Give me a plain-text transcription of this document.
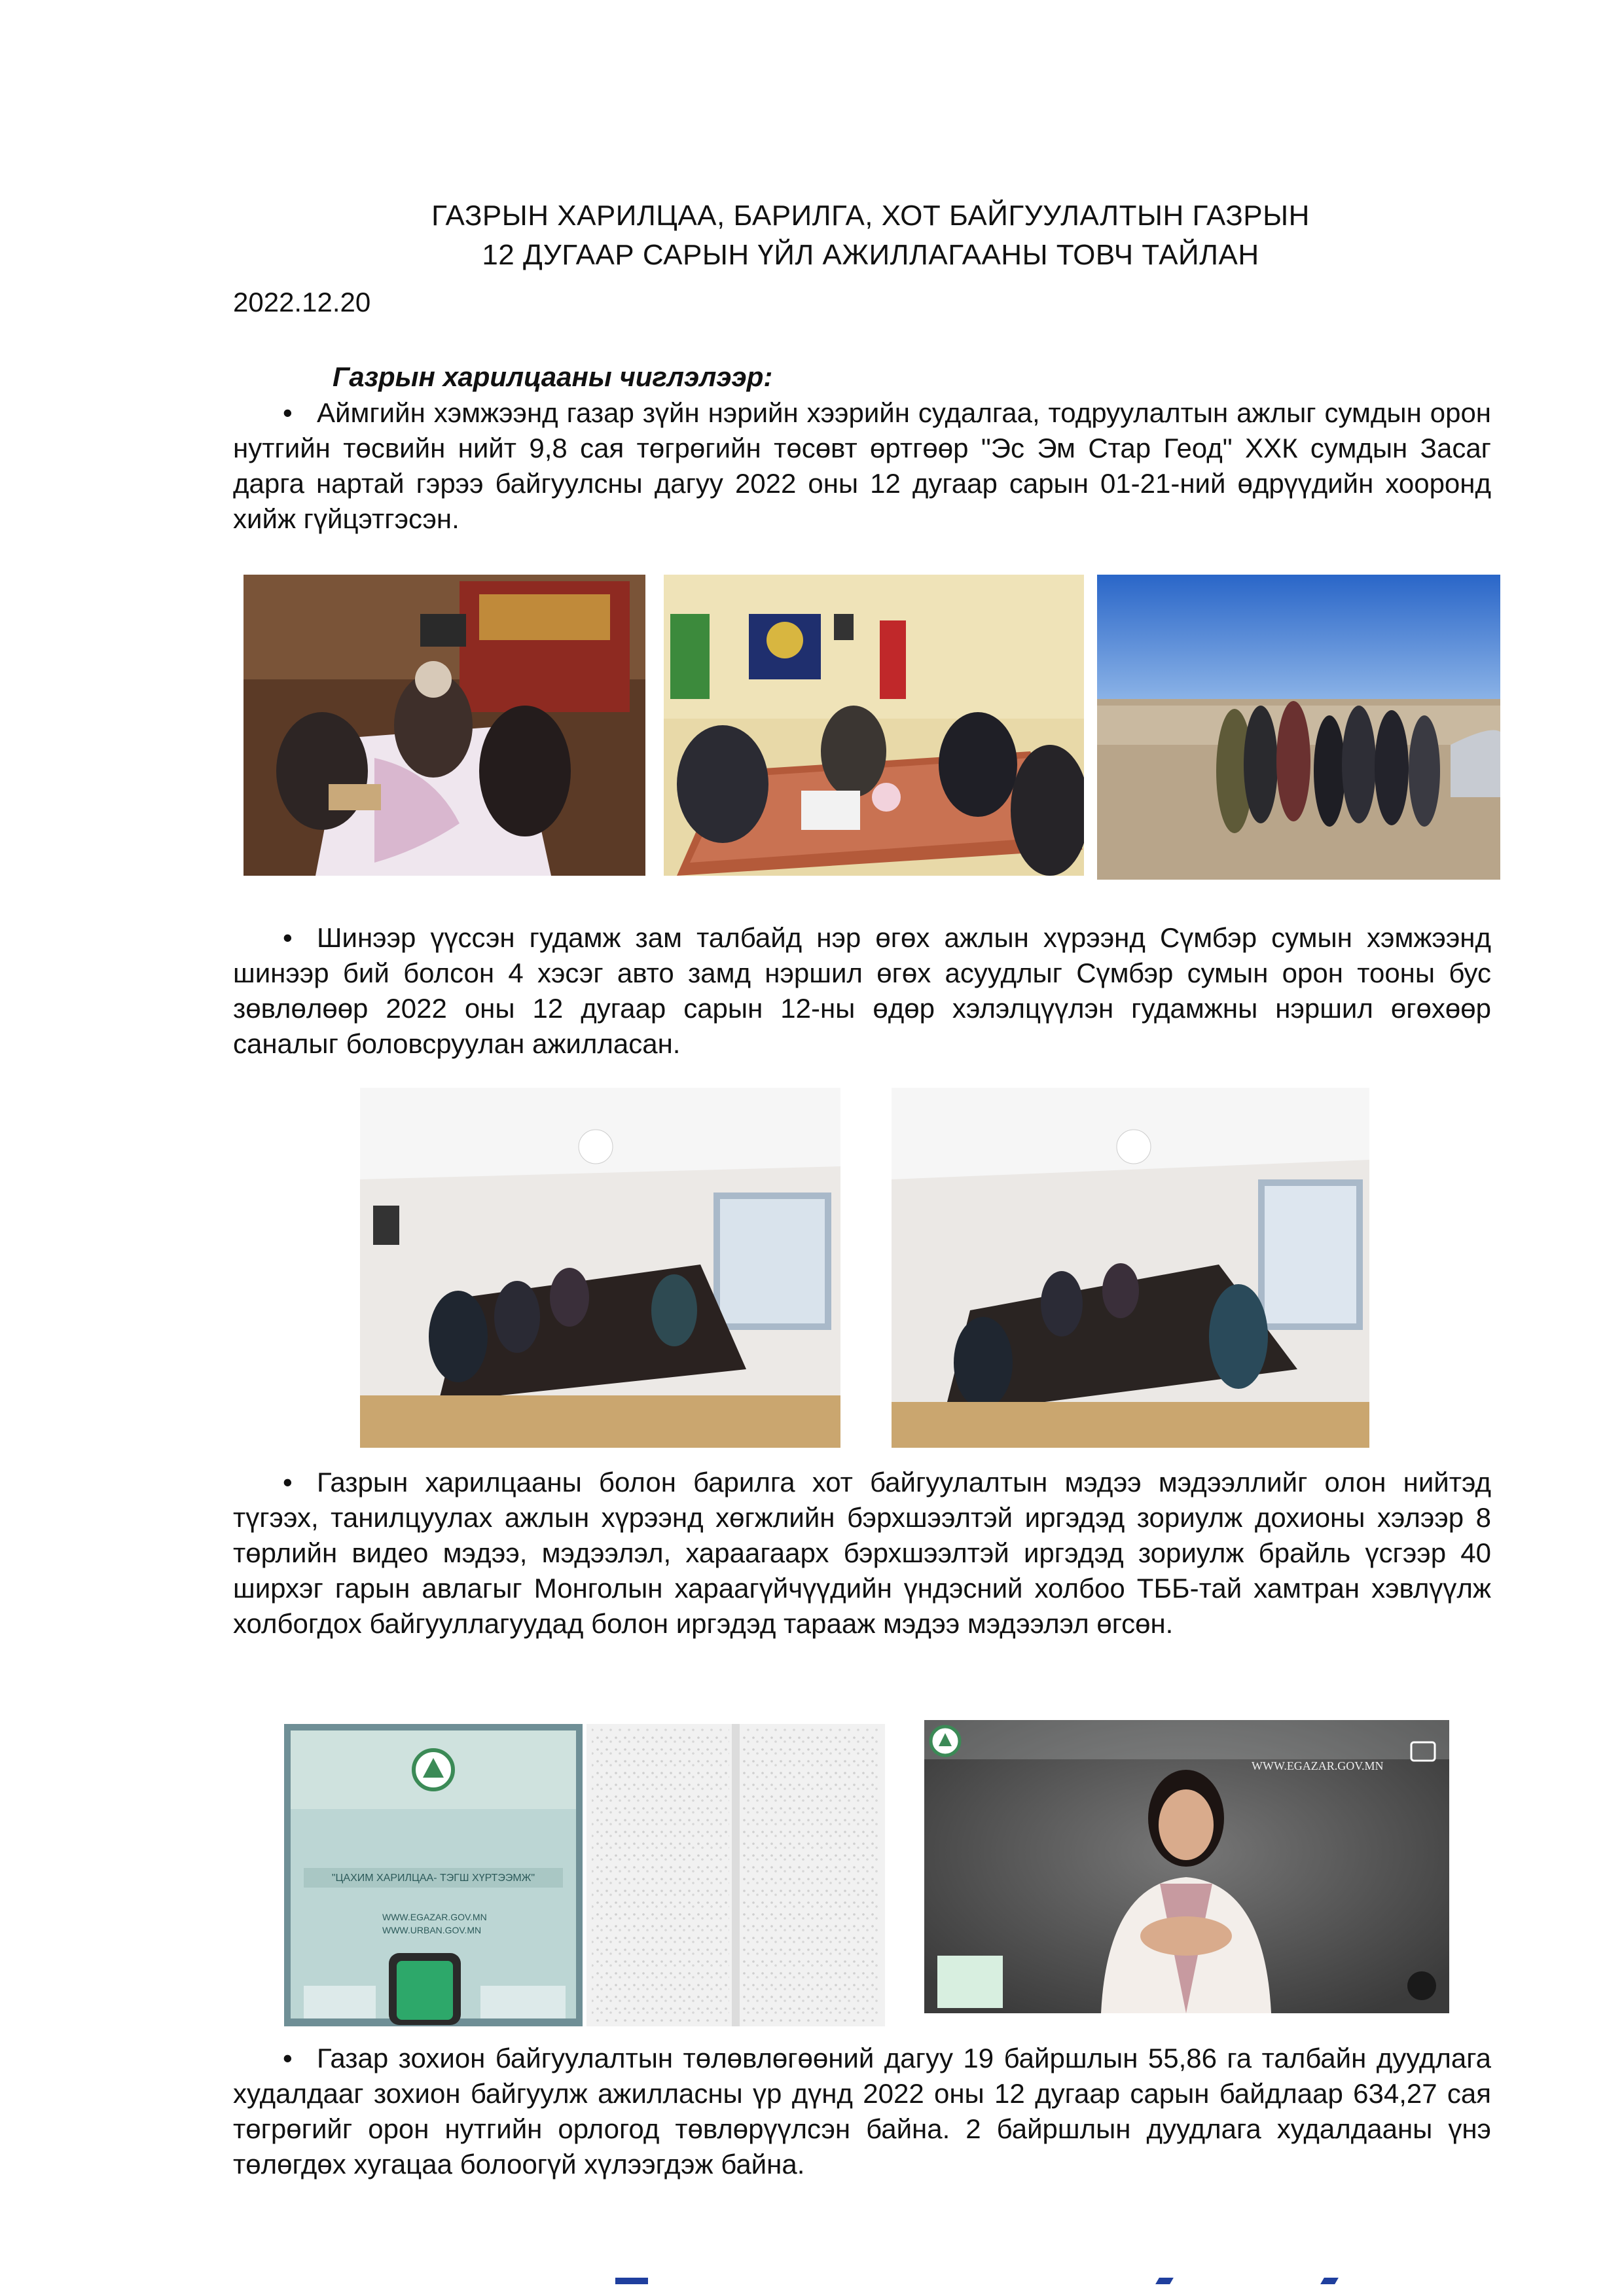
ГАЗРЫН ХАРИЛЦАА, БАРИЛГА, ХОТ БАЙГУУЛАЛТЫН ГАЗРЫН
12 ДУГААР САРЫН ҮЙЛ АЖИЛЛАГААНЫ ТОВЧ ТАЙЛАН
2022.12.20
Газрын харилцааны чиглэлээр:

• Аймгийн хэмжээнд газар зүйн нэрийн хээрийн судалгаа, тодруулалтын ажлыг сумдын орон нутгийн төсвийн нийт 9,8 сая төгрөгийн төсөвт өртгөөр "Эс Эм Стар Геод" ХХК сумдын Засаг дарга нартай гэрээ байгуулсны дагуу 2022 оны 12 дугаар сарын 01-21-ний өдрүүдийн хооронд хийж гүйцэтгэсэн.

• Шинээр үүссэн гудамж зам талбайд нэр өгөх ажлын хүрээнд Сүмбэр сумын хэмжээнд шинээр бий болсон 4 хэсэг авто замд нэршил өгөх асуудлыг Сүмбэр сумын орон тооны бус зөвлөлөөр 2022 оны 12 дугаар сарын 12-ны өдөр хэлэлцүүлэн гудамжны нэршил өгөхөөр саналыг боловсруулан ажилласан.

• Газрын харилцааны болон барилга хот байгуулалтын мэдээ мэдээллийг олон нийтэд түгээх, танилцуулах ажлын хүрээнд хөгжлийн бэрхшээлтэй иргэдэд зориулж дохионы хэлээр 8 төрлийн видео мэдээ, мэдээлэл, хараагаарх бэрхшээлтэй иргэдэд зориулж брайль үсгээр 40 ширхэг гарын авлагыг Монголын хараагүйчүүдийн үндэсний холбоо ТББ-тай хамтран хэвлүүлж холбогдох байгууллагуудад болон иргэдэд тарааж мэдээ мэдээлэл өгсөн.

"ЦАХИМ ХАРИЛЦАА- ТЭГШ ХҮРТЭЭМЖ"
WWW.EGAZAR.GOV.MN
WWW.URBAN.GOV.MN
WWW.EGAZAR.GOV.MN

• Газар зохион байгуулалтын төлөвлөгөөний дагуу 19 байршлын 55,86 га талбайн дуудлага худалдааг зохион байгуулж ажилласны үр дүнд 2022 оны 12 дугаар сарын байдлаар 634,27 сая төгрөгийг орон нутгийн орлогод төвлөрүүлсэн байна. 2 байршлын дуудлага худалдааны үнэ төлөгдөх хугацаа болоогүй хүлээгдэж байна.
